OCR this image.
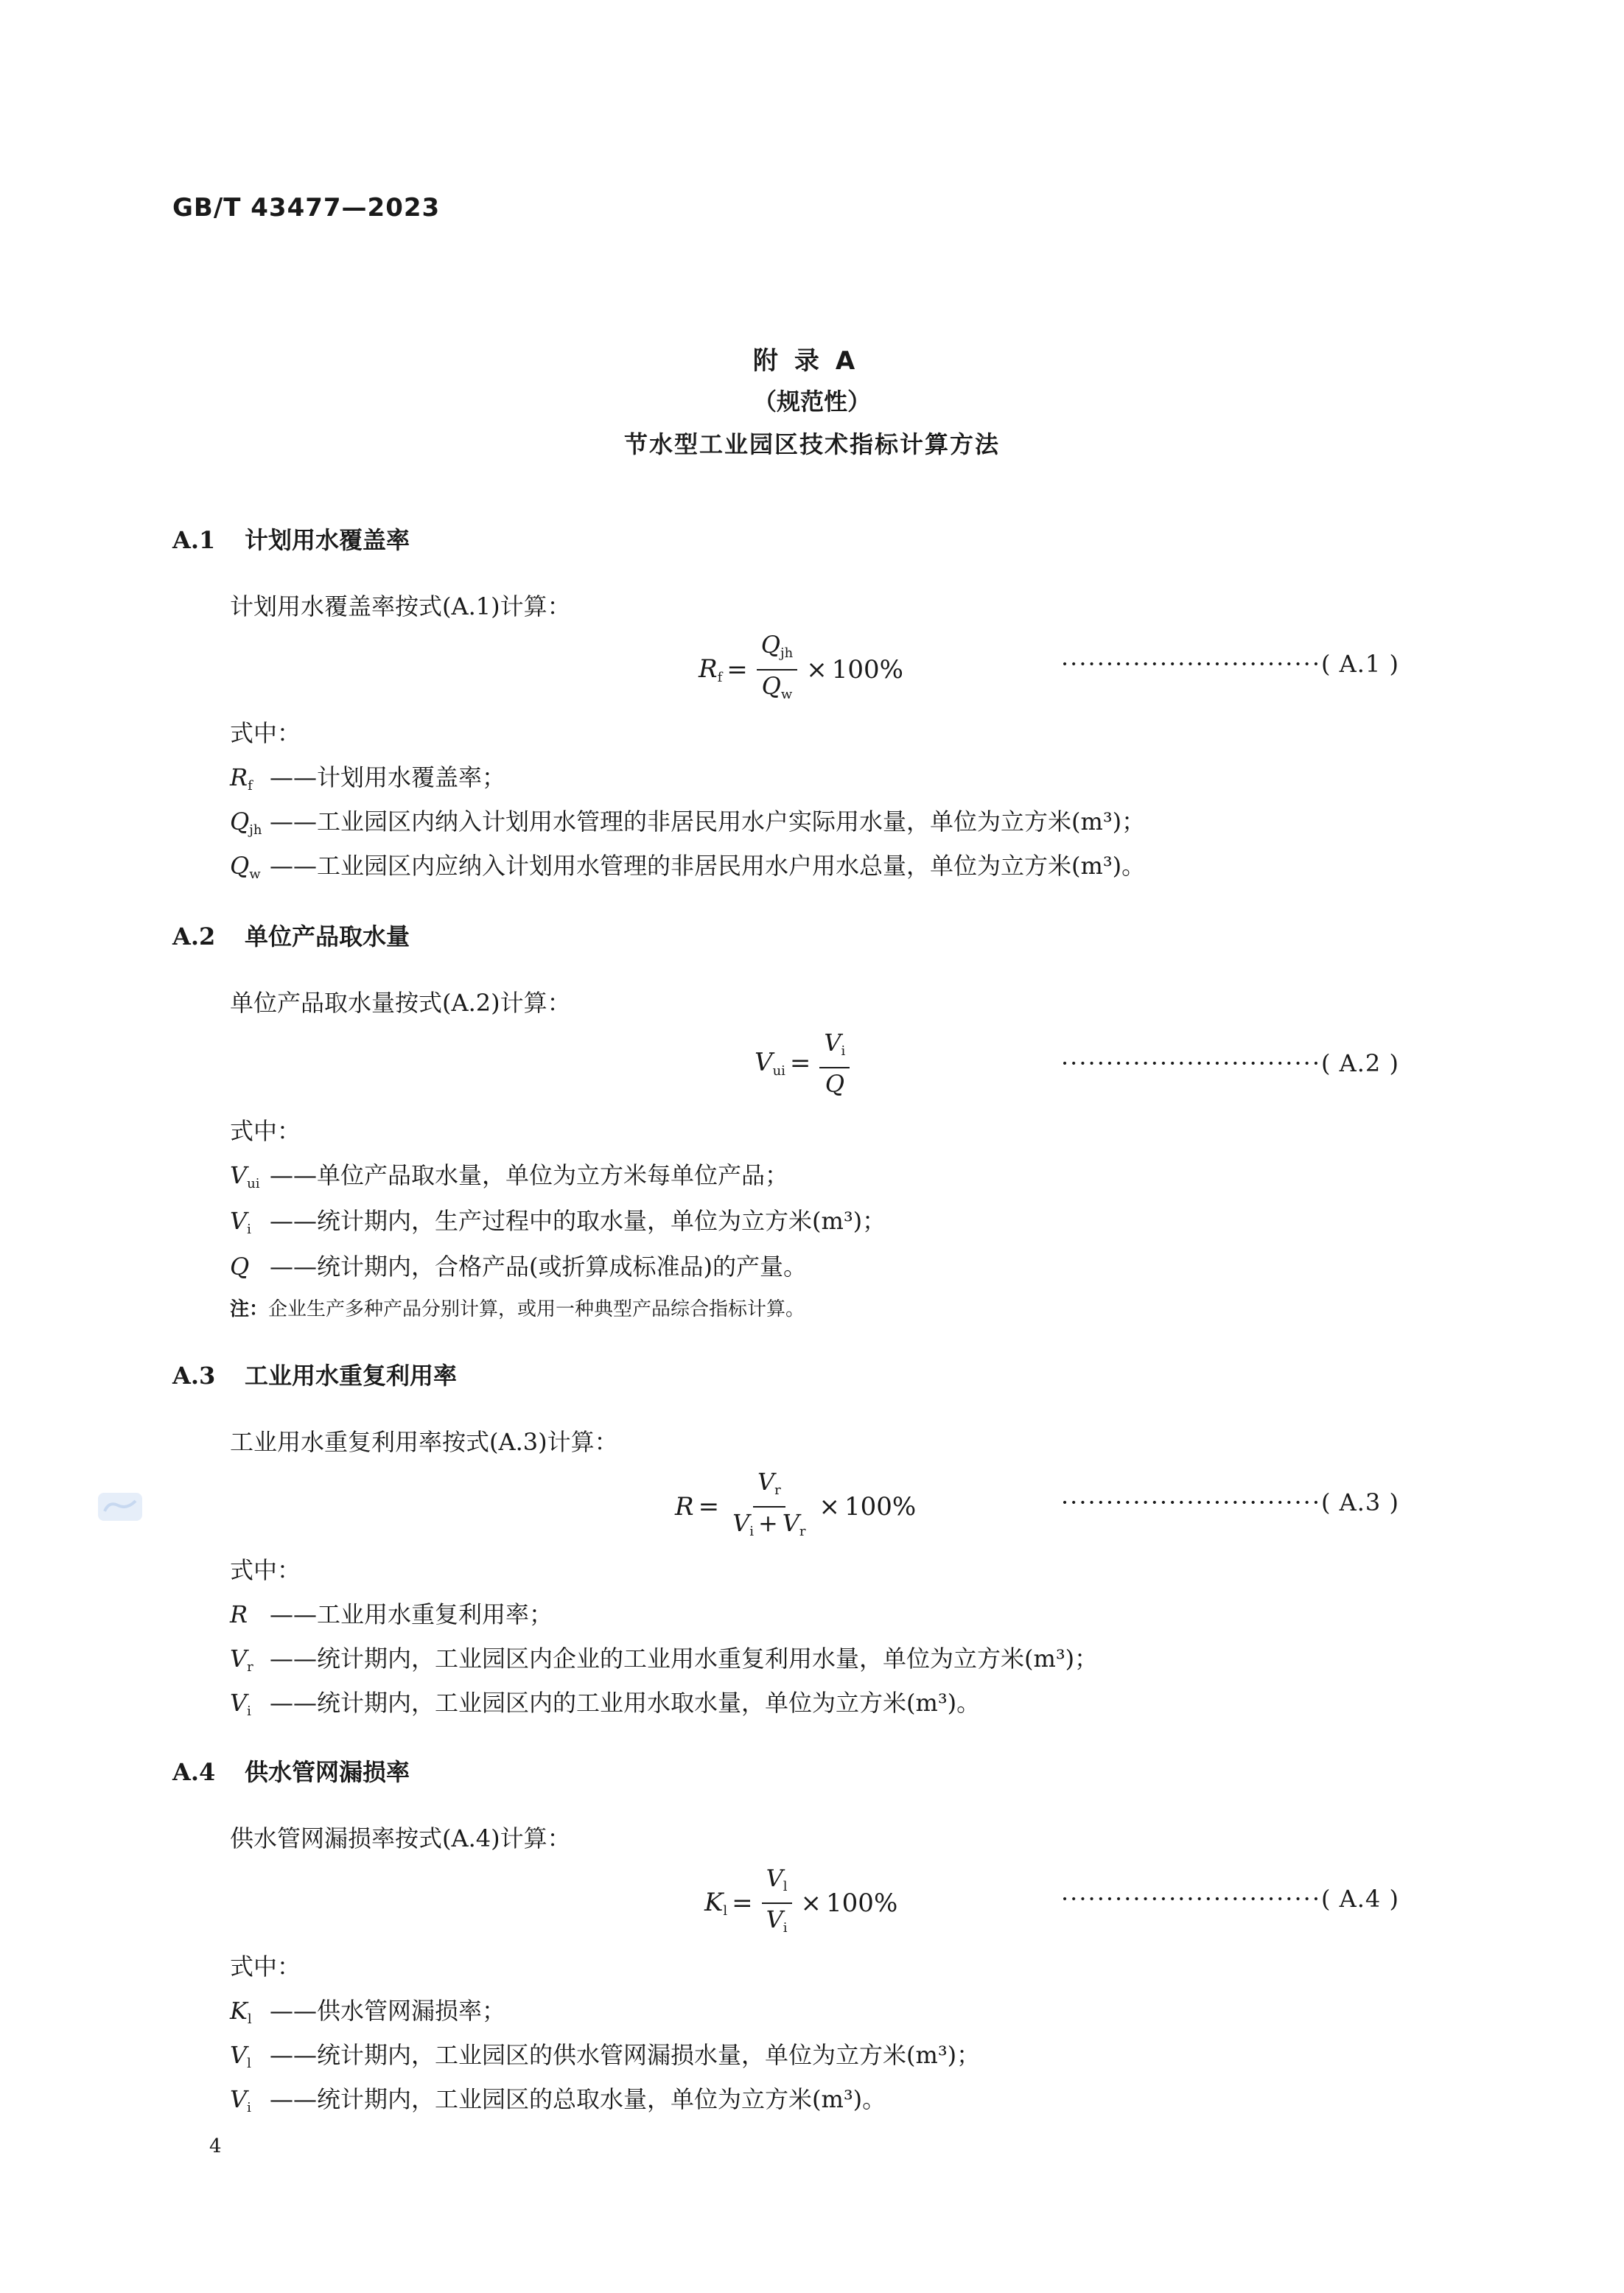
GB/T 43477—2023
附录A
（规范性）
节水型工业园区技术指标计算方法
A.1 计划用水覆盖率
计划用水覆盖率按式(A.1)计算：
$R_f = \frac{Q_{jh}}{Q_w} \times 100\%$	·····························( A.1 )
式中：
$R_f$ ——计划用水覆盖率；
$Q_{jh}$ ——工业园区内纳入计划用水管理的非居民用水户实际用水量，单位为立方米(m³)；
$Q_w$ ——工业园区内应纳入计划用水管理的非居民用水户用水总量，单位为立方米(m³)。
A.2 单位产品取水量
单位产品取水量按式(A.2)计算：
$V_{ui} = \frac{V_i}{Q}$	·····························( A.2 )
式中：
$V_{ui}$ ——单位产品取水量，单位为立方米每单位产品；
$V_i$ ——统计期内，生产过程中的取水量，单位为立方米(m³)；
Q ——统计期内，合格产品(或折算成标准品)的产量。
注：企业生产多种产品分别计算，或用一种典型产品综合指标计算。
A.3 工业用水重复利用率
工业用水重复利用率按式(A.3)计算：
$R = \frac{V_r}{V_i + V_r} \times 100\%$	·····························( A.3 )
式中：
R ——工业用水重复利用率；
$V_r$ ——统计期内，工业园区内企业的工业用水重复利用水量，单位为立方米(m³)；
$V_i$ ——统计期内，工业园区内的工业用水取水量，单位为立方米(m³)。
A.4 供水管网漏损率
供水管网漏损率按式(A.4)计算：
$K_l = \frac{V_l}{V_i} \times 100\%$	·····························( A.4 )
式中：
$K_l$ ——供水管网漏损率；
$V_l$ ——统计期内，工业园区的供水管网漏损水量，单位为立方米(m³)；
$V_i$ ——统计期内，工业园区的总取水量，单位为立方米(m³)。
4
